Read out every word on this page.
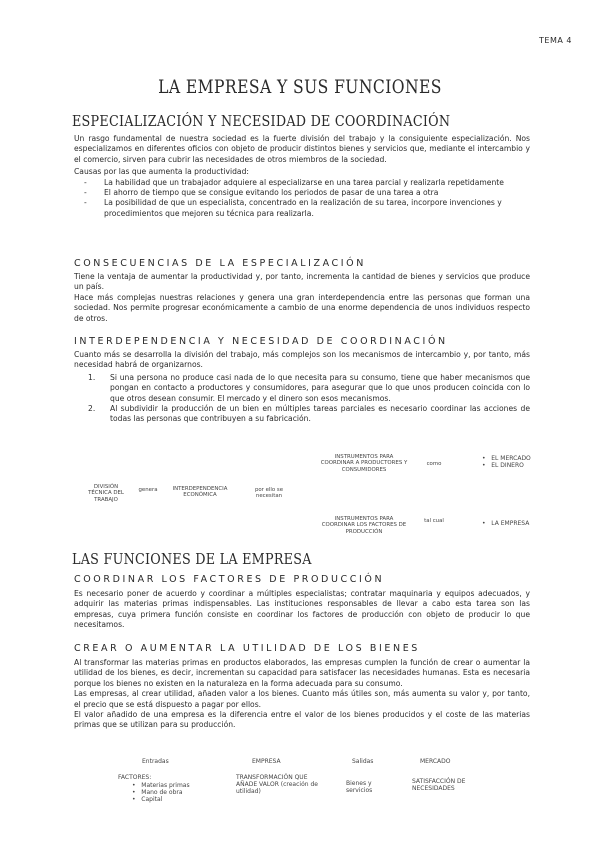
TEMA 4
LA EMPRESA Y SUS FUNCIONES
ESPECIALIZACIÓN Y NECESIDAD DE COORDINACIÓN
Un rasgo fundamental de nuestra sociedad es la fuerte división del trabajo y la consiguiente especialización. Nos especializamos en diferentes oficios con objeto de producir distintos bienes y servicios que, mediante el intercambio y el comercio, sirven para cubrir las necesidades de otros miembros de la sociedad.
Causas por las que aumenta la productividad:
- La habilidad que un trabajador adquiere al especializarse en una tarea parcial y realizarla repetidamente
- El ahorro de tiempo que se consigue evitando los periodos de pasar de una tarea a otra
- La posibilidad de que un especialista, concentrado en la realización de su tarea, incorpore invenciones y procedimientos que mejoren su técnica para realizarla.
CONSECUENCIAS DE LA ESPECIALIZACIÓN
Tiene la ventaja de aumentar la productividad y, por tanto, incrementa la cantidad de bienes y servicios que produce un país.
Hace más complejas nuestras relaciones y genera una gran interdependencia entre las personas que forman una sociedad. Nos permite progresar económicamente a cambio de una enorme dependencia de unos individuos respecto de otros.
INTERDEPENDENCIA Y NECESIDAD DE COORDINACIÓN
Cuanto más se desarrolla la división del trabajo, más complejos son los mecanismos de intercambio y, por tanto, más necesidad habrá de organizarnos.
1. Si una persona no produce casi nada de lo que necesita para su consumo, tiene que haber mecanismos que pongan en contacto a productores y consumidores, para asegurar que lo que unos producen coincida con lo que otros desean consumir. El mercado y el dinero son esos mecanismos.
2. Al subdividir la producción de un bien en múltiples tareas parciales es necesario coordinar las acciones de todas las personas que contribuyen a su fabricación.
DIVISIÓN TÉCNICA DEL TRABAJO
genera	INTERDEPENDENCIA ECONÓMICA
por ello se necesitan
INSTRUMENTOS PARA COORDINAR A PRODUCTORES Y CONSUMIDORES
como
•   EL MERCADO
•   EL DINERO
INSTRUMENTOS PARA COORDINAR LOS FACTORES DE PRODUCCIÓN
tal cual	•   LA EMPRESA
LAS FUNCIONES DE LA EMPRESA
COORDINAR LOS FACTORES DE PRODUCCIÓN
Es necesario poner de acuerdo y coordinar a múltiples especialistas; contratar maquinaria y equipos adecuados, y adquirir las materias primas indispensables. Las instituciones responsables de llevar a cabo esta tarea son las empresas, cuya primera función consiste en coordinar los factores de producción con objeto de producir lo que necesitamos.
CREAR O AUMENTAR LA UTILIDAD DE LOS BIENES
Al transformar las materias primas en productos elaborados, las empresas cumplen la función de crear o aumentar la utilidad de los bienes, es decir, incrementan su capacidad para satisfacer las necesidades humanas. Esta es necesaria porque los bienes no existen en la naturaleza en la forma adecuada para su consumo.
Las empresas, al crear utilidad, añaden valor a los bienes. Cuanto más útiles son, más aumenta su valor y, por tanto, el precio que se está dispuesto a pagar por ellos.
El valor añadido de una empresa es la diferencia entre el valor de los bienes producidos y el coste de las materias primas que se utilizan para su producción.
Entradas	EMPRESA	Salidas	MERCADO
FACTORES:
•   Materias primas
•   Mano de obra
•   Capital
TRANSFORMACIÓN QUE AÑADE VALOR (creación de utilidad)
Bienes y servicios
SATISFACCIÓN DE NECESIDADES
